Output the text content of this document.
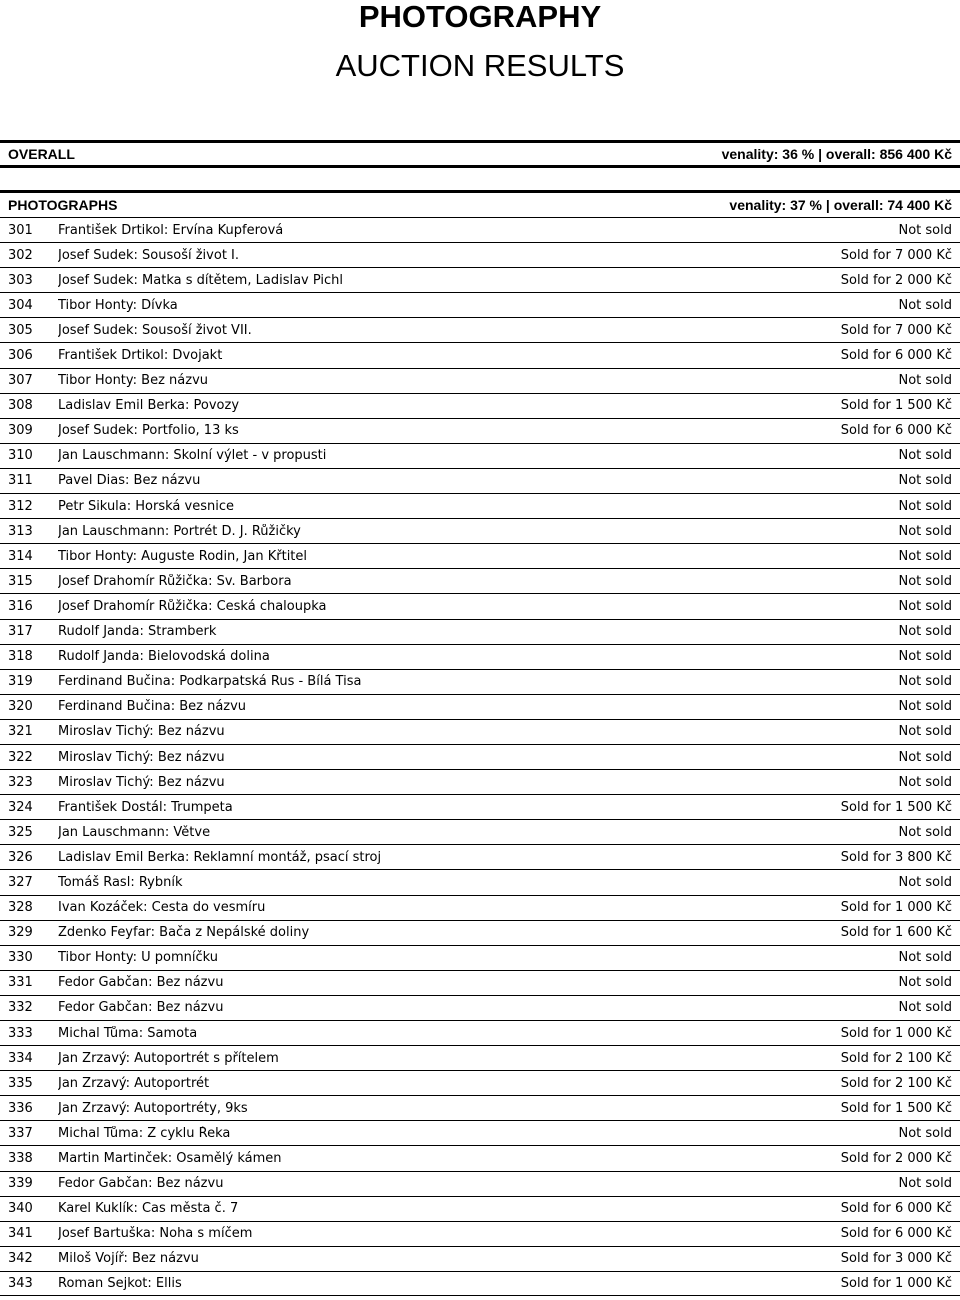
PHOTOGRAPHY
AUCTION RESULTS
OVERALL	venality: 36 % | overall: 856 400 Kč
PHOTOGRAPHS	venality: 37 % | overall: 74 400 Kč
301	František Drtikol: Ervína Kupferová	Not sold
302	Josef Sudek: Sousoší život I.	Sold for 7 000 Kč
303	Josef Sudek: Matka s dítětem, Ladislav Pichl	Sold for 2 000 Kč
304	Tibor Honty: Dívka	Not sold
305	Josef Sudek: Sousoší život VII.	Sold for 7 000 Kč
306	František Drtikol: Dvojakt	Sold for 6 000 Kč
307	Tibor Honty: Bez názvu	Not sold
308	Ladislav Emil Berka: Povozy	Sold for 1 500 Kč
309	Josef Sudek: Portfolio, 13 ks	Sold for 6 000 Kč
310	Jan Lauschmann: Školní výlet - v propusti	Not sold
311	Pavel Dias: Bez názvu	Not sold
312	Petr Sikula: Horská vesnice	Not sold
313	Jan Lauschmann: Portrét D. J. Růžičky	Not sold
314	Tibor Honty: Auguste Rodin, Jan Křtitel	Not sold
315	Josef Drahomír Růžička: Sv. Barbora	Not sold
316	Josef Drahomír Růžička: Česká chaloupka	Not sold
317	Rudolf Janda: Štramberk	Not sold
318	Rudolf Janda: Bielovodská dolina	Not sold
319	Ferdinand Bučina: Podkarpatská Rus - Bílá Tisa	Not sold
320	Ferdinand Bučina: Bez názvu	Not sold
321	Miroslav Tichý: Bez názvu	Not sold
322	Miroslav Tichý: Bez názvu	Not sold
323	Miroslav Tichý: Bez názvu	Not sold
324	František Dostál: Trumpeta	Sold for 1 500 Kč
325	Jan Lauschmann: Větve	Not sold
326	Ladislav Emil Berka: Reklamní montáž, psací stroj	Sold for 3 800 Kč
327	Tomáš Rasl: Rybník	Not sold
328	Ivan Kozáček: Cesta do vesmíru	Sold for 1 000 Kč
329	Zdenko Feyfar: Bača z Nepálské doliny	Sold for 1 600 Kč
330	Tibor Honty: U pomníčku	Not sold
331	Fedor Gabčan: Bez názvu	Not sold
332	Fedor Gabčan: Bez názvu	Not sold
333	Michal Tůma: Samota	Sold for 1 000 Kč
334	Jan Zrzavý: Autoportrét s přítelem	Sold for 2 100 Kč
335	Jan Zrzavý: Autoportrét	Sold for 2 100 Kč
336	Jan Zrzavý: Autoportréty, 9ks	Sold for 1 500 Kč
337	Michal Tůma: Z cyklu Řeka	Not sold
338	Martin Martinček: Osamělý kámen	Sold for 2 000 Kč
339	Fedor Gabčan: Bez názvu	Not sold
340	Karel Kuklík: Čas města č. 7	Sold for 6 000 Kč
341	Josef Bartuška: Noha s míčem	Sold for 6 000 Kč
342	Miloš Vojíř: Bez názvu	Sold for 3 000 Kč
343	Roman Sejkot: Ellis	Sold for 1 000 Kč
